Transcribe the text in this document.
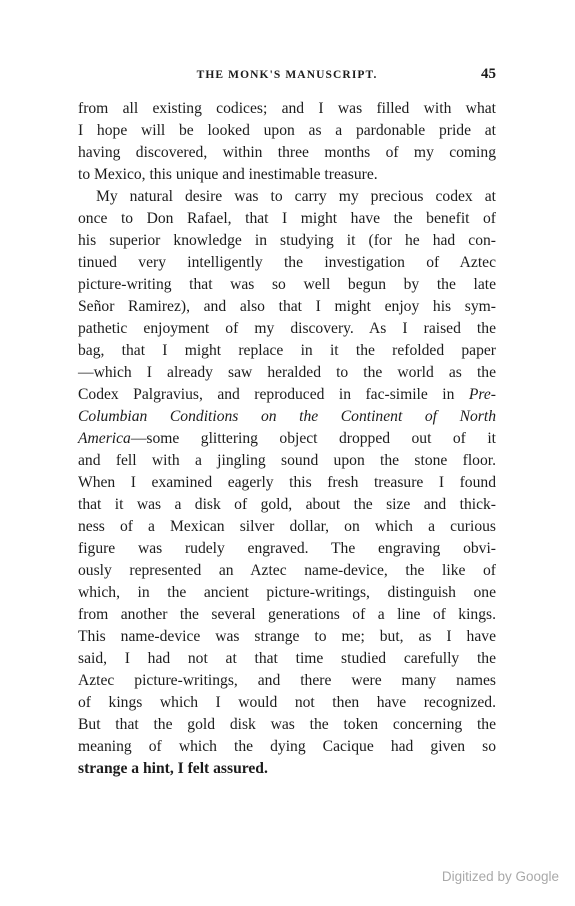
THE MONK'S MANUSCRIPT.	45
from all existing codices; and I was filled with what
I hope will be looked upon as a pardonable pride at
having discovered, within three months of my coming
to Mexico, this unique and inestimable treasure.
My natural desire was to carry my precious codex at
once to Don Rafael, that I might have the benefit of
his superior knowledge in studying it (for he had con-
tinued very intelligently the investigation of Aztec
picture-writing that was so well begun by the late
Señor Ramirez), and also that I might enjoy his sym-
pathetic enjoyment of my discovery. As I raised the
bag, that I might replace in it the refolded paper
—which I already saw heralded to the world as the
Codex Palgravius, and reproduced in fac-simile in Pre-
Columbian Conditions on the Continent of North
America—some glittering object dropped out of it
and fell with a jingling sound upon the stone floor.
When I examined eagerly this fresh treasure I found
that it was a disk of gold, about the size and thick-
ness of a Mexican silver dollar, on which a curious
figure was rudely engraved. The engraving obvi-
ously represented an Aztec name-device, the like of
which, in the ancient picture-writings, distinguish one
from another the several generations of a line of kings.
This name-device was strange to me; but, as I have
said, I had not at that time studied carefully the
Aztec picture-writings, and there were many names
of kings which I would not then have recognized.
But that the gold disk was the token concerning the
meaning of which the dying Cacique had given so
strange a hint, I felt assured.
Digitized by Google
